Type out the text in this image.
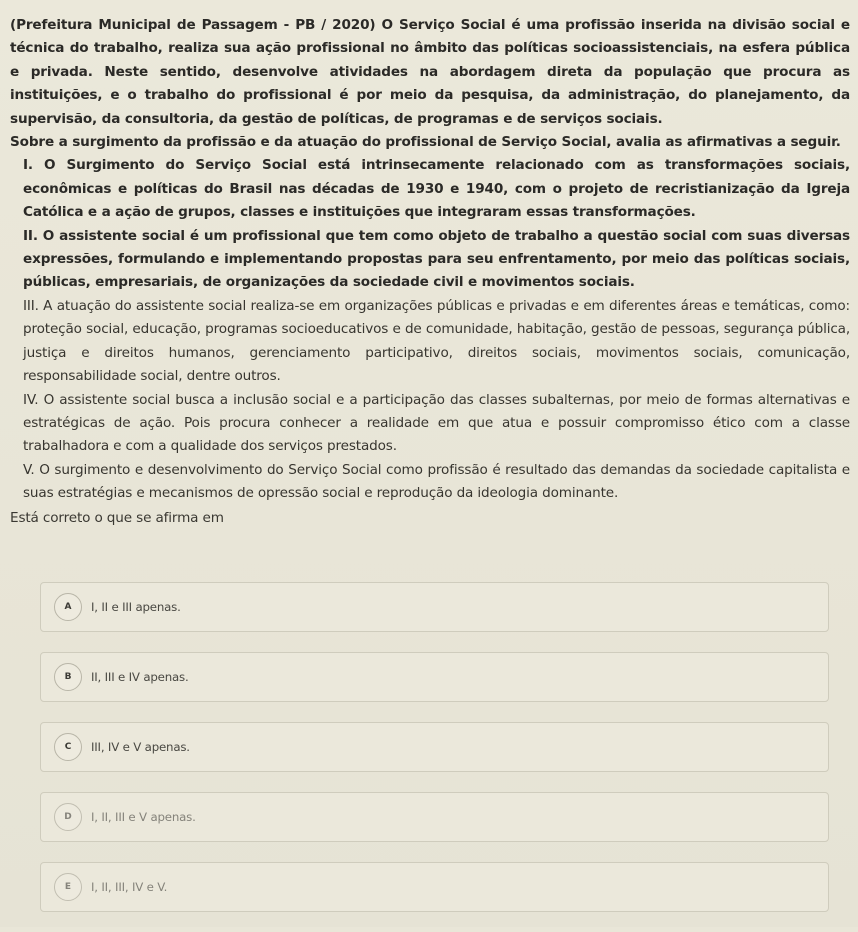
(Prefeitura Municipal de Passagem - PB / 2020) O Serviço Social é uma profissão inserida na divisão social e técnica do trabalho, realiza sua ação profissional no âmbito das políticas socioassistenciais, na esfera pública e privada. Neste sentido, desenvolve atividades na abordagem direta da população que procura as instituições, e o trabalho do profissional é por meio da pesquisa, da administração, do planejamento, da supervisão, da consultoria, da gestão de políticas, de programas e de serviços sociais.

Sobre a surgimento da profissão e da atuação do profissional de Serviço Social, avalia as afirmativas a seguir.

I. O Surgimento do Serviço Social está intrinsecamente relacionado com as transformações sociais, econômicas e políticas do Brasil nas décadas de 1930 e 1940, com o projeto de recristianização da Igreja Católica e a ação de grupos, classes e instituições que integraram essas transformações.

II. O assistente social é um profissional que tem como objeto de trabalho a questão social com suas diversas expressões, formulando e implementando propostas para seu enfrentamento, por meio das políticas sociais, públicas, empresariais, de organizações da sociedade civil e movimentos sociais.

III. A atuação do assistente social realiza-se em organizações públicas e privadas e em diferentes áreas e temáticas, como: proteção social, educação, programas socioeducativos e de comunidade, habitação, gestão de pessoas, segurança pública, justiça e direitos humanos, gerenciamento participativo, direitos sociais, movimentos sociais, comunicação, responsabilidade social, dentre outros.

IV. O assistente social busca a inclusão social e a participação das classes subalternas, por meio de formas alternativas e estratégicas de ação. Pois procura conhecer a realidade em que atua e possuir compromisso ético com a classe trabalhadora e com a qualidade dos serviços prestados.

V. O surgimento e desenvolvimento do Serviço Social como profissão é resultado das demandas da sociedade capitalista e suas estratégias e mecanismos de opressão social e reprodução da ideologia dominante.

Está correto o que se afirma em

A	I, II e III apenas.
B	II, III e IV apenas.
C	III, IV e V apenas.
D	I, II, III e V apenas.
E	I, II, III, IV e V.
